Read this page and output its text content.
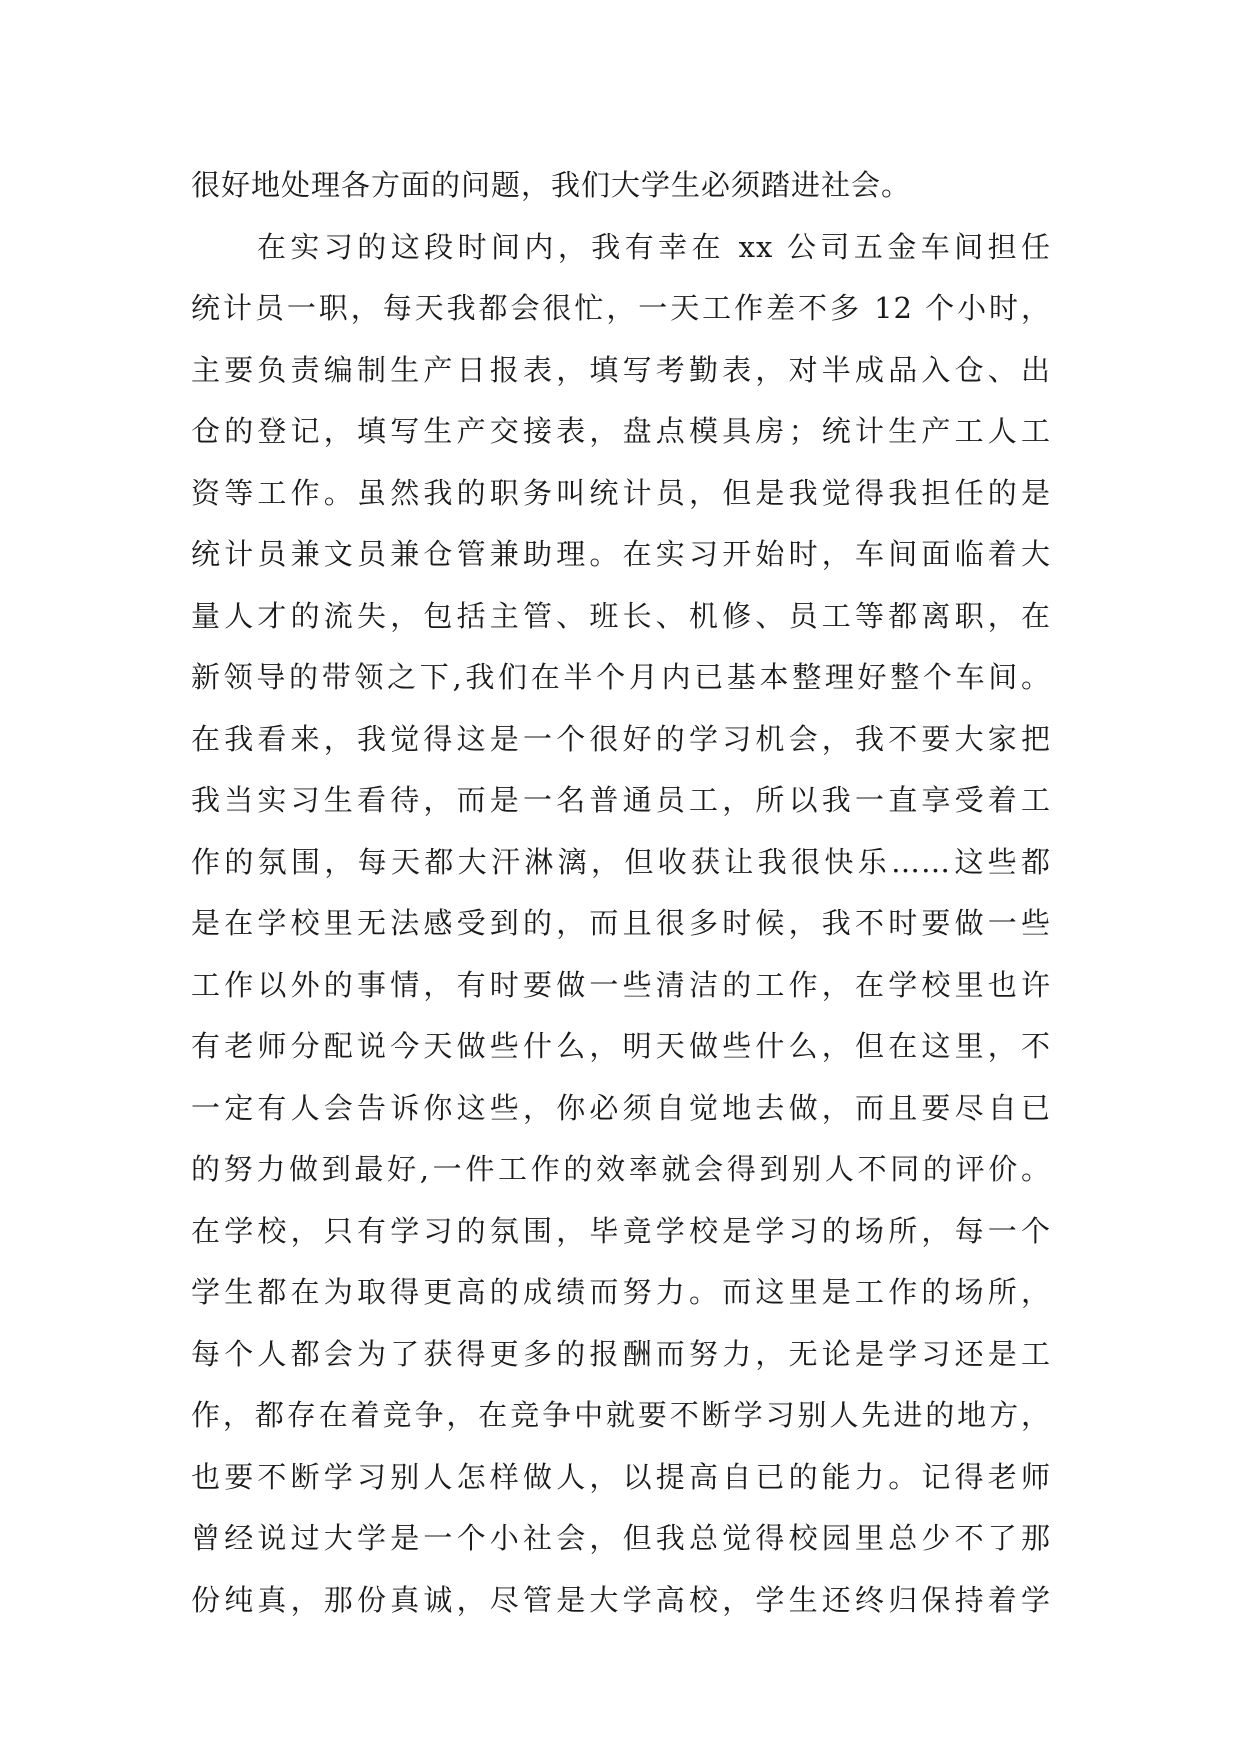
很好地处理各方面的问题，我们大学生必须踏进社会。
在实习的这段时间内，我有幸在 xx 公司五金车间担任
统计员一职，每天我都会很忙，一天工作差不多 12 个小时，
主要负责编制生产日报表，填写考勤表，对半成品入仓、出
仓的登记，填写生产交接表，盘点模具房；统计生产工人工
资等工作。虽然我的职务叫统计员，但是我觉得我担任的是
统计员兼文员兼仓管兼助理。在实习开始时，车间面临着大
量人才的流失，包括主管、班长、机修、员工等都离职，在
新领导的带领之下,我们在半个月内已基本整理好整个车间。
在我看来，我觉得这是一个很好的学习机会，我不要大家把
我当实习生看待，而是一名普通员工，所以我一直享受着工
作的氛围，每天都大汗淋漓，但收获让我很快乐……这些都
是在学校里无法感受到的，而且很多时候，我不时要做一些
工作以外的事情，有时要做一些清洁的工作，在学校里也许
有老师分配说今天做些什么，明天做些什么，但在这里，不
一定有人会告诉你这些，你必须自觉地去做，而且要尽自已
的努力做到最好,一件工作的效率就会得到别人不同的评价。
在学校，只有学习的氛围，毕竟学校是学习的场所，每一个
学生都在为取得更高的成绩而努力。而这里是工作的场所，
每个人都会为了获得更多的报酬而努力，无论是学习还是工
作，都存在着竞争，在竞争中就要不断学习别人先进的地方，
也要不断学习别人怎样做人，以提高自已的能力。记得老师
曾经说过大学是一个小社会，但我总觉得校园里总少不了那
份纯真，那份真诚，尽管是大学高校，学生还终归保持着学
